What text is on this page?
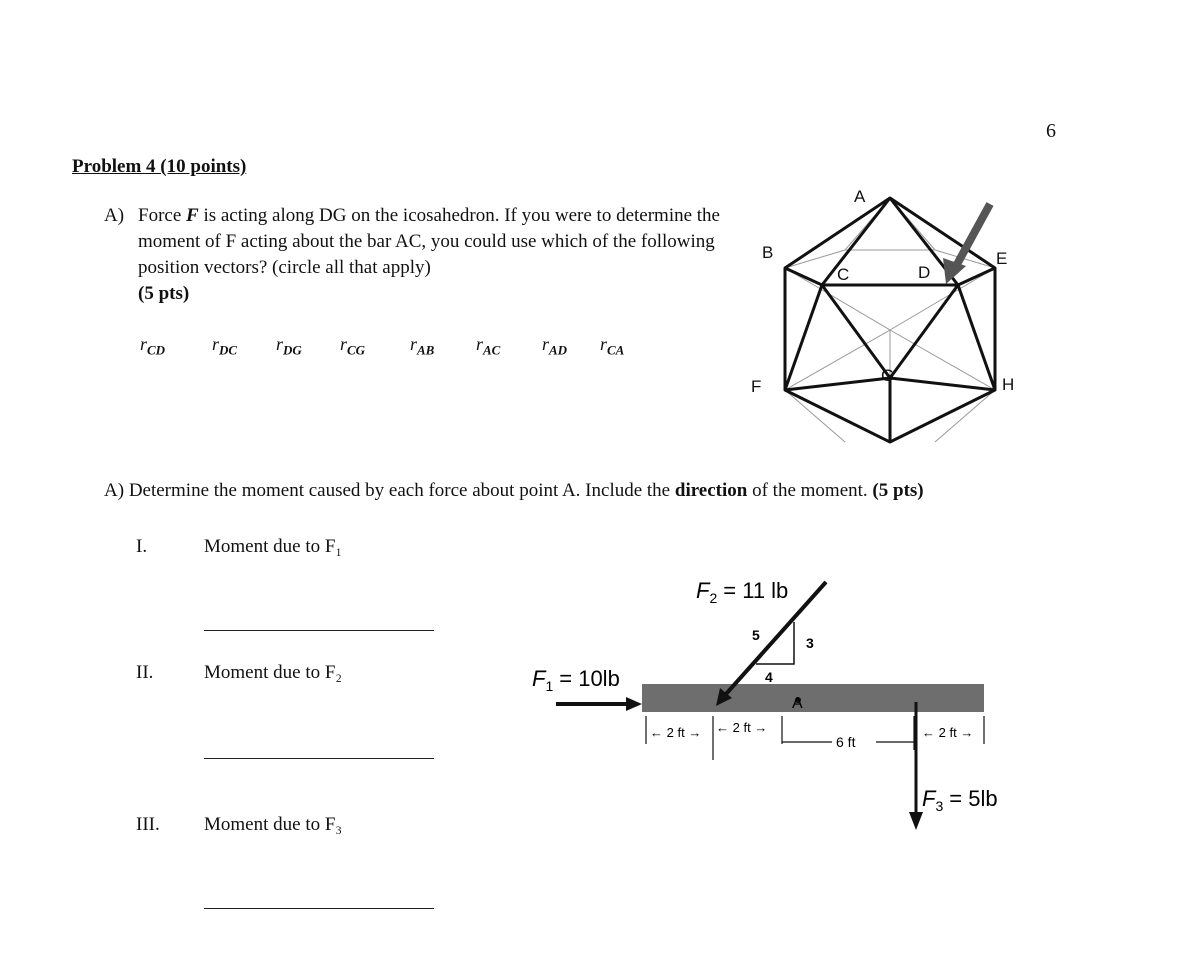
6
Problem 4 (10 points)
A) Force F is acting along DG on the icosahedron. If you were to determine the moment of F acting about the bar AC, you could use which of the following position vectors? (circle all that apply)
(5 pts)
$r_{CD}$	$r_{DC}$ $r_{DG}$ $r_{CG}$ $r_{AB}$ $r_{AC}$ $r_{AD}$ $r_{CA}$
A
B
C	D
E
F
G	H
A) Determine the moment caused by each force about point A. Include the direction of the moment. (5 pts)
I.	Moment due to F₁
II.	Moment due to F₂
III. Moment due to F₃
$F_1 = 10lb$
$F_2 = 11$ lb
5	3
4
A
← 2 ft → ← 2 ft →
6 ft
← 2 ft →
$F_3 = 5lb$
